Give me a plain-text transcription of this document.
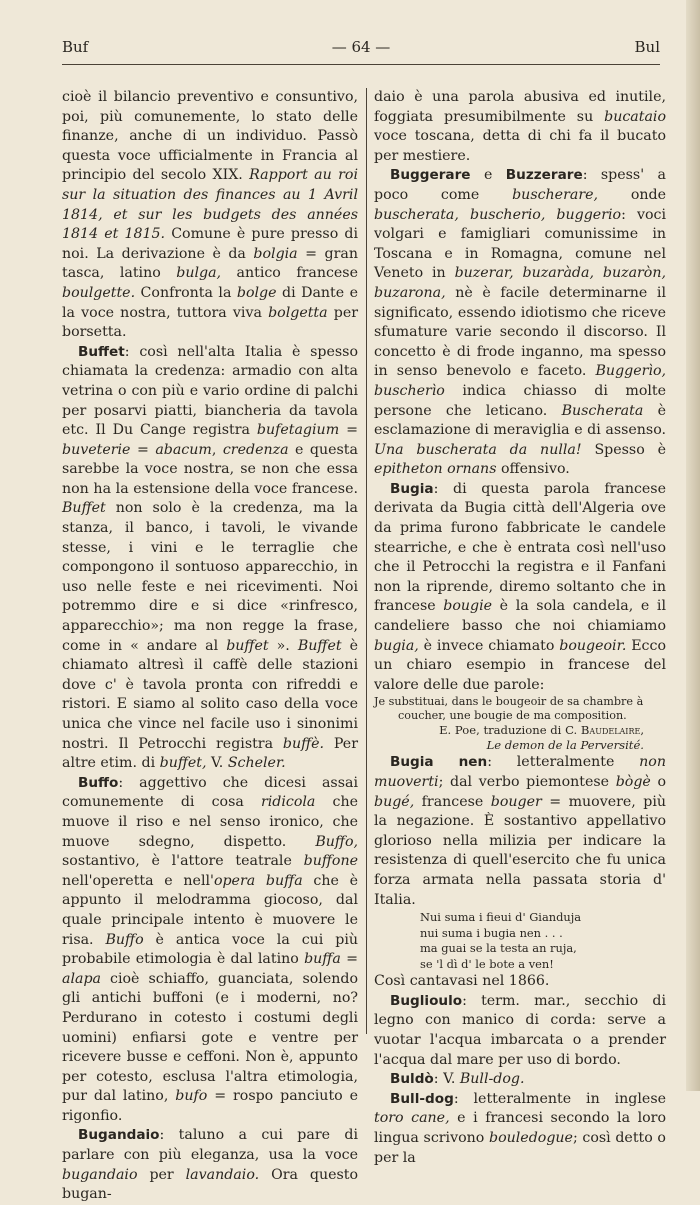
Buf	— 64 —	Bul

cioè il bilancio preventivo e consuntivo, poi, più comunemente, lo stato delle finanze, anche di un individuo. Passò questa voce ufficialmente in Francia al principio del secolo XIX. Rapport au roi sur la situation des finances au 1 Avril 1814, et sur les budgets des années 1814 et 1815. Comune è pure presso di noi. La derivazione è da bolgia = gran tasca, latino bulga, antico francese boulgette. Confronta la bolge di Dante e la voce nostra, tuttora viva bolgetta per borsetta.

Buffet: così nell'alta Italia è spesso chiamata la credenza: armadio con alta vetrina o con più e vario ordine di palchi per posarvi piatti, biancheria da tavola etc. Il Du Cange registra bufetagium = buveterie = abacum, credenza e questa sarebbe la voce nostra, se non che essa non ha la estensione della voce francese. Buffet non solo è la credenza, ma la stanza, il banco, i tavoli, le vivande stesse, i vini e le terraglie che compongono il sontuoso apparecchio, in uso nelle feste e nei ricevimenti. Noi potremmo dire e si dice «rinfresco, apparecchio»; ma non regge la frase, come in « andare al buffet ». Buffet è chiamato altresì il caffè delle stazioni dove c' è tavola pronta con rifreddi e ristori. E siamo al solito caso della voce unica che vince nel facile uso i sinonimi nostri. Il Petrocchi registra buffè. Per altre etim. di buffet, V. Scheler.

Buffo: aggettivo che dicesi assai comunemente di cosa ridicola che muove il riso e nel senso ironico, che muove sdegno, dispetto. Buffo, sostantivo, è l'attore teatrale buffone nell'operetta e nell'opera buffa che è appunto il melodramma giocoso, dal quale principale intento è muovere le risa. Buffo è antica voce la cui più probabile etimologia è dal latino buffa = alapa cioè schiaffo, guanciata, solendo gli antichi buffoni (e i moderni, no? Perdurano in cotesto i costumi degli uomini) enfiarsi gote e ventre per ricevere busse e ceffoni. Non è, appunto per cotesto, esclusa l'altra etimologia, pur dal latino, bufo = rospo panciuto e rigonfio.

Bugandaio: taluno a cui pare di parlare con più eleganza, usa la voce bugandaio per lavandaio. Ora questo bugan-

daio è una parola abusiva ed inutile, foggiata presumibilmente su bucataio voce toscana, detta di chi fa il bucato per mestiere.

Buggerare e Buzzerare: spess' a poco come buscherare, onde buscherata, buscherio, buggerio: voci volgari e famigliari comunissime in Toscana e in Romagna, comune nel Veneto in buzerar, buzaràda, buzaròn, buzarona, nè è facile determinarne il significato, essendo idiotismo che riceve sfumature varie secondo il discorso. Il concetto è di frode inganno, ma spesso in senso benevolo e faceto. Buggerìo, buscherìo indica chiasso di molte persone che leticano. Buscherata è esclamazione di meraviglia e di assenso. Una buscherata da nulla! Spesso è epitheton ornans offensivo.

Bugia: di questa parola francese derivata da Bugia città dell'Algeria ove da prima furono fabbricate le candele stearriche, e che è entrata così nell'uso che il Petrocchi la registra e il Fanfani non la riprende, diremo soltanto che in francese bougie è la sola candela, e il candeliere basso che noi chiamiamo bugia, è invece chiamato bougeoir. Ecco un chiaro esempio in francese del valore delle due parole:

Je substituai, dans le bougeoir de sa chambre à
coucher, une bougie de ma composition.

E. Poe, traduzione di C. Baudelaire,
Le demon de la Perversité.

Bugia nen: letteralmente non muoverti; dal verbo piemontese bògè o bugé, francese bouger = muovere, più la negazione. È sostantivo appellativo glorioso nella milizia per indicare la resistenza di quell'esercito che fu unica forza armata nella passata storia d' Italia.

Nui suma i fieui d' Gianduja
nui suma i bugia nen . . .
ma guai se la testa an ruja,
se 'l dì d' le bote a ven!

Così cantavasi nel 1866.

Buglioulo: term. mar., secchio di legno con manico di corda: serve a vuotar l'acqua imbarcata o a prender l'acqua dal mare per uso di bordo.

Buldò: V. Bull-dog.

Bull-dog: letteralmente in inglese toro cane, e i francesi secondo la loro lingua scrivono bouledogue; così detto o per la
